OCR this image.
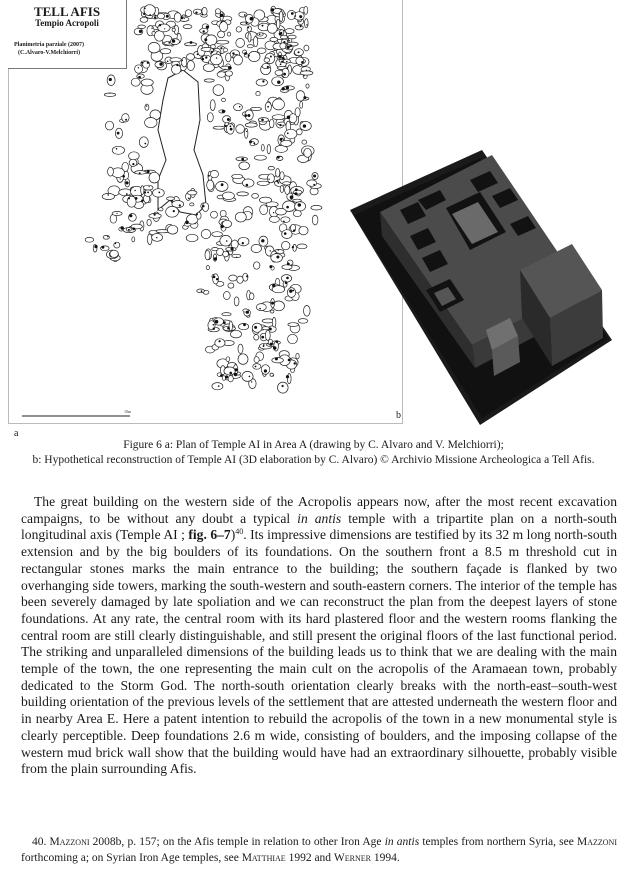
10m
TELL AFIS
Tempio Acropoli
Planimetria parziale (2007)
(C.Alvaro-V.Melchiorri)
a
b
Figure 6 a: Plan of Temple AI in Area A (drawing by C. Alvaro and V. Melchiorri);
b: Hypothetical reconstruction of Temple AI (3D elaboration by C. Alvaro) © Archivio Missione Archeologica a Tell Afis.

The great building on the western side of the Acropolis appears now, after the most recent excavation campaigns, to be without any doubt a typical in antis temple with a tripartite plan on a north-south longitudinal axis (Temple AI ; fig. 6–7)$^{40}$. Its impressive dimensions are testified by its 32 m long north-south extension and by the big boulders of its foundations. On the southern front a 8.5 m threshold cut in rectangular stones marks the main entrance to the building; the southern façade is flanked by two overhanging side towers, marking the south-western and south-eastern corners. The interior of the temple has been severely damaged by late spoliation and we can reconstruct the plan from the deepest layers of stone foundations. At any rate, the central room with its hard plastered floor and the western rooms flanking the central room are still clearly distinguishable, and still present the original floors of the last functional period. The striking and unparalleled dimensions of the building leads us to think that we are dealing with the main temple of the town, the one representing the main cult on the acropolis of the Aramaean town, probably dedicated to the Storm God. The north-south orientation clearly breaks with the north-east–south-west building orientation of the previous levels of the settlement that are attested underneath the western floor and in nearby Area E. Here a patent intention to rebuild the acropolis of the town in a new monumental style is clearly perceptible. Deep foundations 2.6 m wide, consisting of boulders, and the imposing collapse of the western mud brick wall show that the building would have had an extraordinary silhouette, probably visible from the plain surrounding Afis.

40. Mazzoni 2008b, p. 157; on the Afis temple in relation to other Iron Age in antis temples from northern Syria, see Mazzoni forthcoming a; on Syrian Iron Age temples, see Matthiae 1992 and Werner 1994.
